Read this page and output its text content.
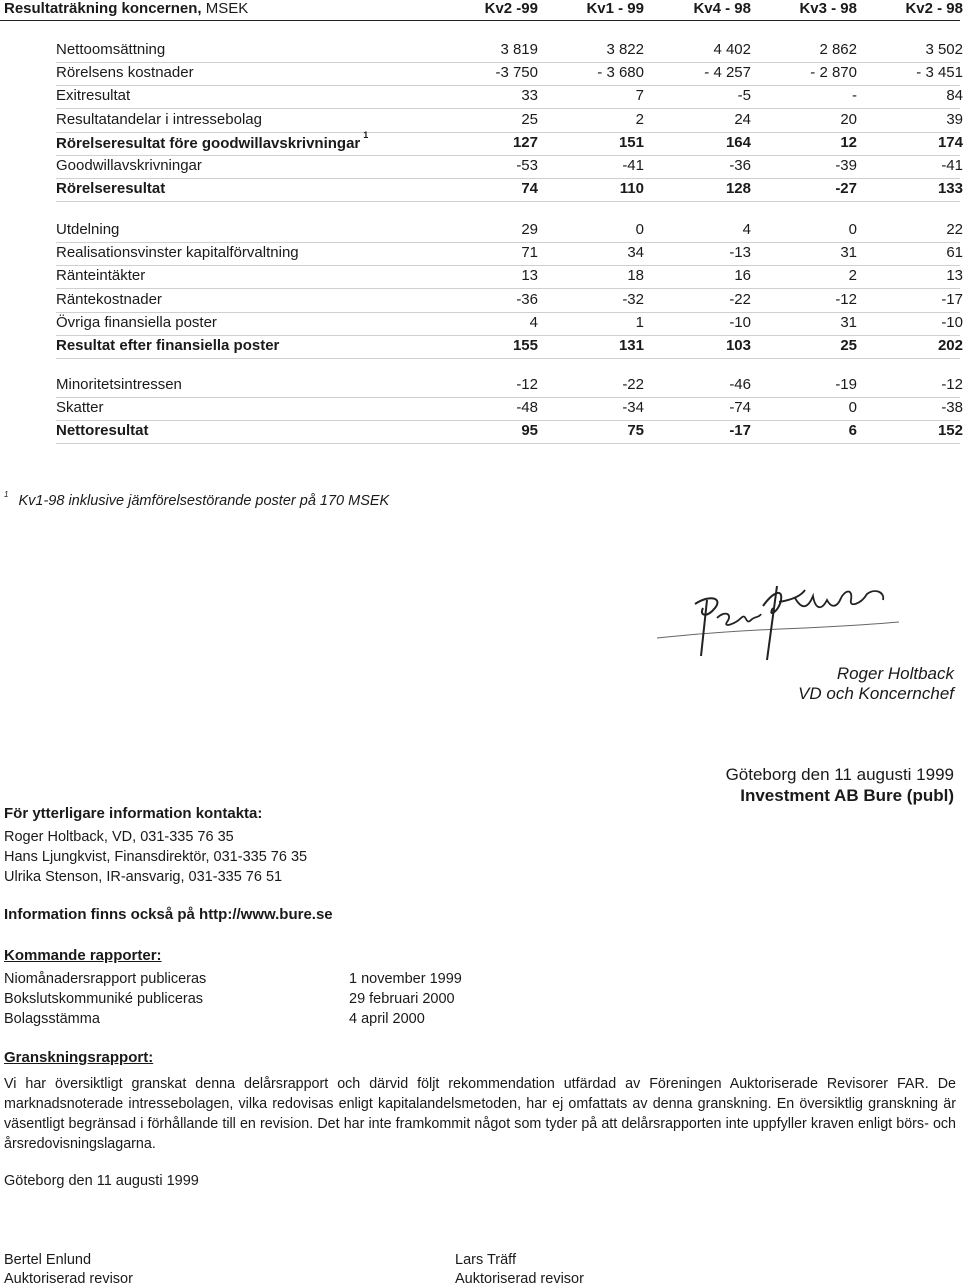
Resultaträkning koncernen, MSEK	Kv2 -99	Kv1 - 99	Kv4 - 98	Kv3 - 98	Kv2 - 98
Nettoomsättning	3 819	3 822	4 402	2 862	3 502
Rörelsens kostnader	-3 750	- 3 680	- 4 257	- 2 870	- 3 451
Exitresultat	33	7	-5	-	84
Resultatandelar i intressebolag	25	2	24	20	39
Rörelseresultat före goodwillavskrivningar $^1$	127	151	164	12	174
Goodwillavskrivningar	-53	-41	-36	-39	-41
Rörelseresultat	74	110	128	-27	133
Utdelning	29	0	4	0	22
Realisationsvinster kapitalförvaltning	71	34	-13	31	61
Ränteintäkter	13	18	16	2	13
Räntekostnader	-36	-32	-22	-12	-17
Övriga finansiella poster	4	1	-10	31	-10
Resultat efter finansiella poster	155	131	103	25	202
Minoritetsintressen	-12	-22	-46	-19	-12
Skatter	-48	-34	-74	0	-38
Nettoresultat	95	75	-17	6	152
$^1$ Kv1-98 inklusive jämförelsestörande poster på 170 MSEK
Roger Holtback
VD och Koncernchef
Göteborg den 11 augusti 1999
Investment AB Bure (publ)
För ytterligare information kontakta:
Roger Holtback, VD, 031-335 76 35
Hans Ljungkvist, Finansdirektör, 031-335 76 35
Ulrika Stenson, IR-ansvarig, 031-335 76 51
Information finns också på http://www.bure.se
Kommande rapporter:
Niomånadersrapport publiceras	1 november 1999
Bokslutskommuniké publiceras	29 februari 2000
Bolagsstämma	4 april 2000
Granskningsrapport:

Vi har översiktligt granskat denna delårsrapport och därvid följt rekommendation utfärdad av Föreningen Auktoriserade Revisorer FAR. De marknadsnoterade intressebolagen, vilka redovisas enligt kapitalandelsmetoden, har ej omfattats av denna granskning. En översiktlig granskning är väsentligt begränsad i förhållande till en revision. Det har inte framkommit något som tyder på att delårsrapporten inte uppfyller kraven enligt börs- och årsredovisningslagarna.

Göteborg den 11 augusti 1999
Bertel Enlund
Auktoriserad revisor
Lars Träff
Auktoriserad revisor
